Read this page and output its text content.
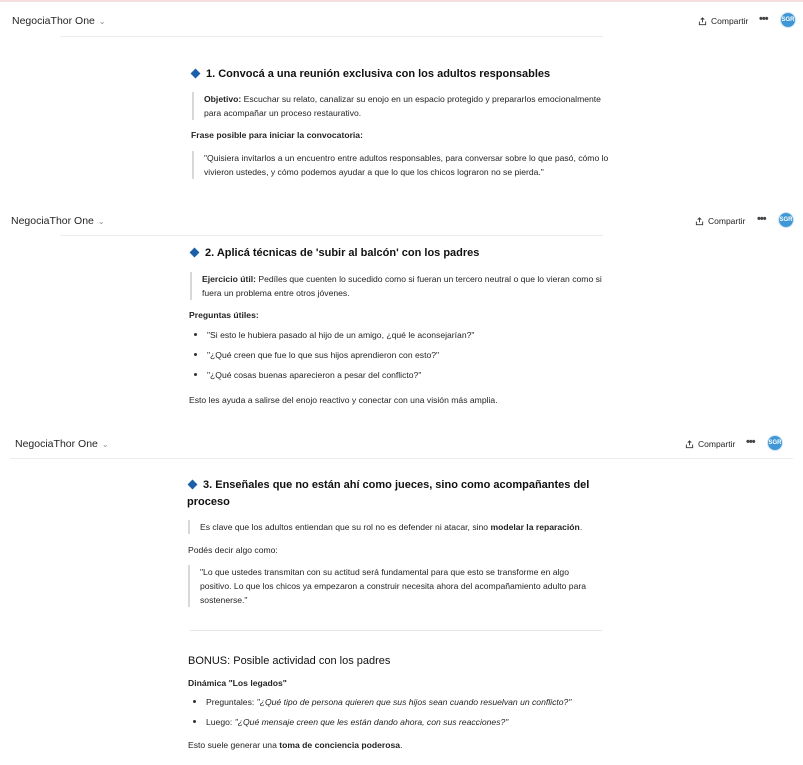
NegociaThor One ⌄	Compartir ••• SGR
1. Convocá a una reunión exclusiva con los adultos responsables
Objetivo: Escuchar su relato, canalizar su enojo en un espacio protegido y prepararlos emocionalmente para acompañar un proceso restaurativo.
Frase posible para iniciar la convocatoria:
"Quisiera invitarlos a un encuentro entre adultos responsables, para conversar sobre lo que pasó, cómo lo vivieron ustedes, y cómo podemos ayudar a que lo que los chicos lograron no se pierda."
NegociaThor One ⌄	Compartir ••• SGR
2. Aplicá técnicas de 'subir al balcón' con los padres
Ejercicio útil: Pedíles que cuenten lo sucedido como si fueran un tercero neutral o que lo vieran como si fuera un problema entre otros jóvenes.
Preguntas útiles:
"Si esto le hubiera pasado al hijo de un amigo, ¿qué le aconsejarían?"
"¿Qué creen que fue lo que sus hijos aprendieron con esto?"
"¿Qué cosas buenas aparecieron a pesar del conflicto?"
Esto les ayuda a salirse del enojo reactivo y conectar con una visión más amplia.
NegociaThor One ⌄	Compartir ••• SGR
3. Enseñales que no están ahí como jueces, sino como acompañantes del
proceso
Es clave que los adultos entiendan que su rol no es defender ni atacar, sino modelar la reparación.
Podés decir algo como:
"Lo que ustedes transmitan con su actitud será fundamental para que esto se transforme en algo positivo. Lo que los chicos ya empezaron a construir necesita ahora del acompañamiento adulto para sostenerse."
BONUS: Posible actividad con los padres
Dinámica "Los legados"
Preguntales: "¿Qué tipo de persona quieren que sus hijos sean cuando resuelvan un conflicto?"
Luego: "¿Qué mensaje creen que les están dando ahora, con sus reacciones?"
Esto suele generar una toma de conciencia poderosa.
